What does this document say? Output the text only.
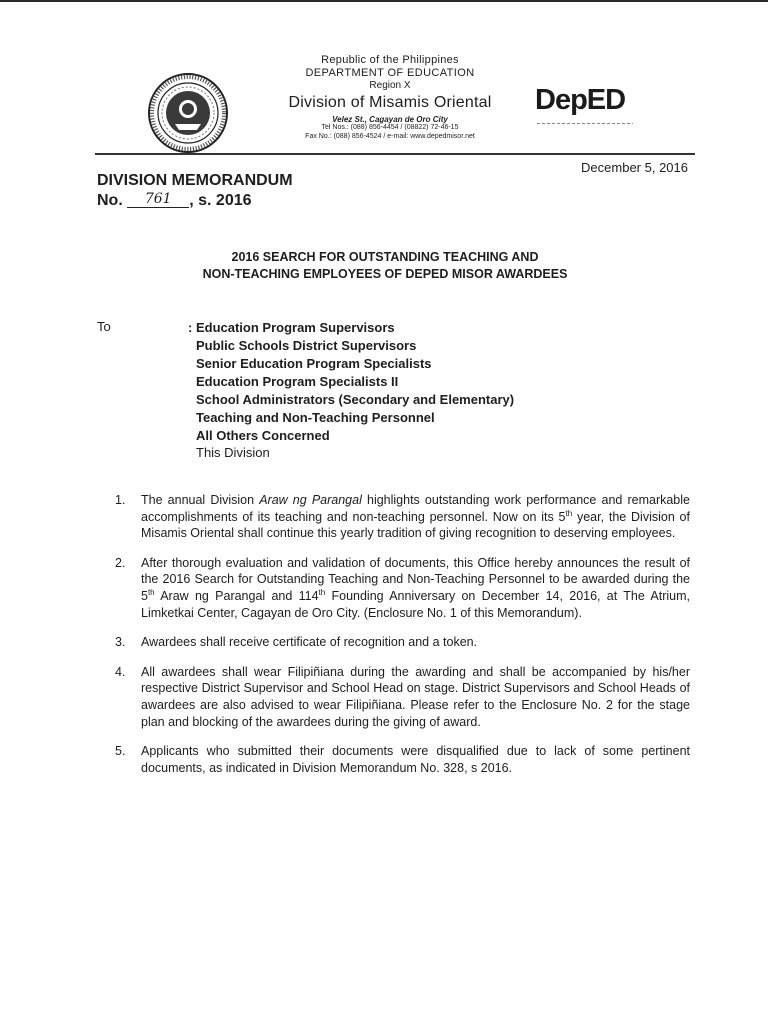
Republic of the Philippines
DEPARTMENT OF EDUCATION
Region X
Division of Misamis Oriental
Velez St., Cagayan de Oro City
Tel Nos.: (088) 856-4454 / (08822) 72-46-15
Fax No.: (088) 856-4524 / e-mail: www.depedmisor.net
DepED
December 5, 2016
DIVISION MEMORANDUM
No. 761 , s. 2016
2016 SEARCH FOR OUTSTANDING TEACHING AND
NON-TEACHING EMPLOYEES OF DEPED MISOR AWARDEES
To
:	Education Program Supervisors
Public Schools District Supervisors
Senior Education Program Specialists
Education Program Specialists II
School Administrators (Secondary and Elementary)
Teaching and Non-Teaching Personnel
All Others Concerned
This Division
1.	The annual Division Araw ng Parangal highlights outstanding work performance and remarkable accomplishments of its teaching and non-teaching personnel. Now on its 5th year, the Division of Misamis Oriental shall continue this yearly tradition of giving recognition to deserving employees.
2.	After thorough evaluation and validation of documents, this Office hereby announces the result of the 2016 Search for Outstanding Teaching and Non-Teaching Personnel to be awarded during the 5th Araw ng Parangal and 114th Founding Anniversary on December 14, 2016, at The Atrium, Limketkai Center, Cagayan de Oro City. (Enclosure No. 1 of this Memorandum).
3.	Awardees shall receive certificate of recognition and a token.
4.	All awardees shall wear Filipiñiana during the awarding and shall be accompanied by his/her respective District Supervisor and School Head on stage. District Supervisors and School Heads of awardees are also advised to wear Filipiñiana. Please refer to the Enclosure No. 2 for the stage plan and blocking of the awardees during the giving of award.
5.	Applicants who submitted their documents were disqualified due to lack of some pertinent documents, as indicated in Division Memorandum No. 328, s 2016.
